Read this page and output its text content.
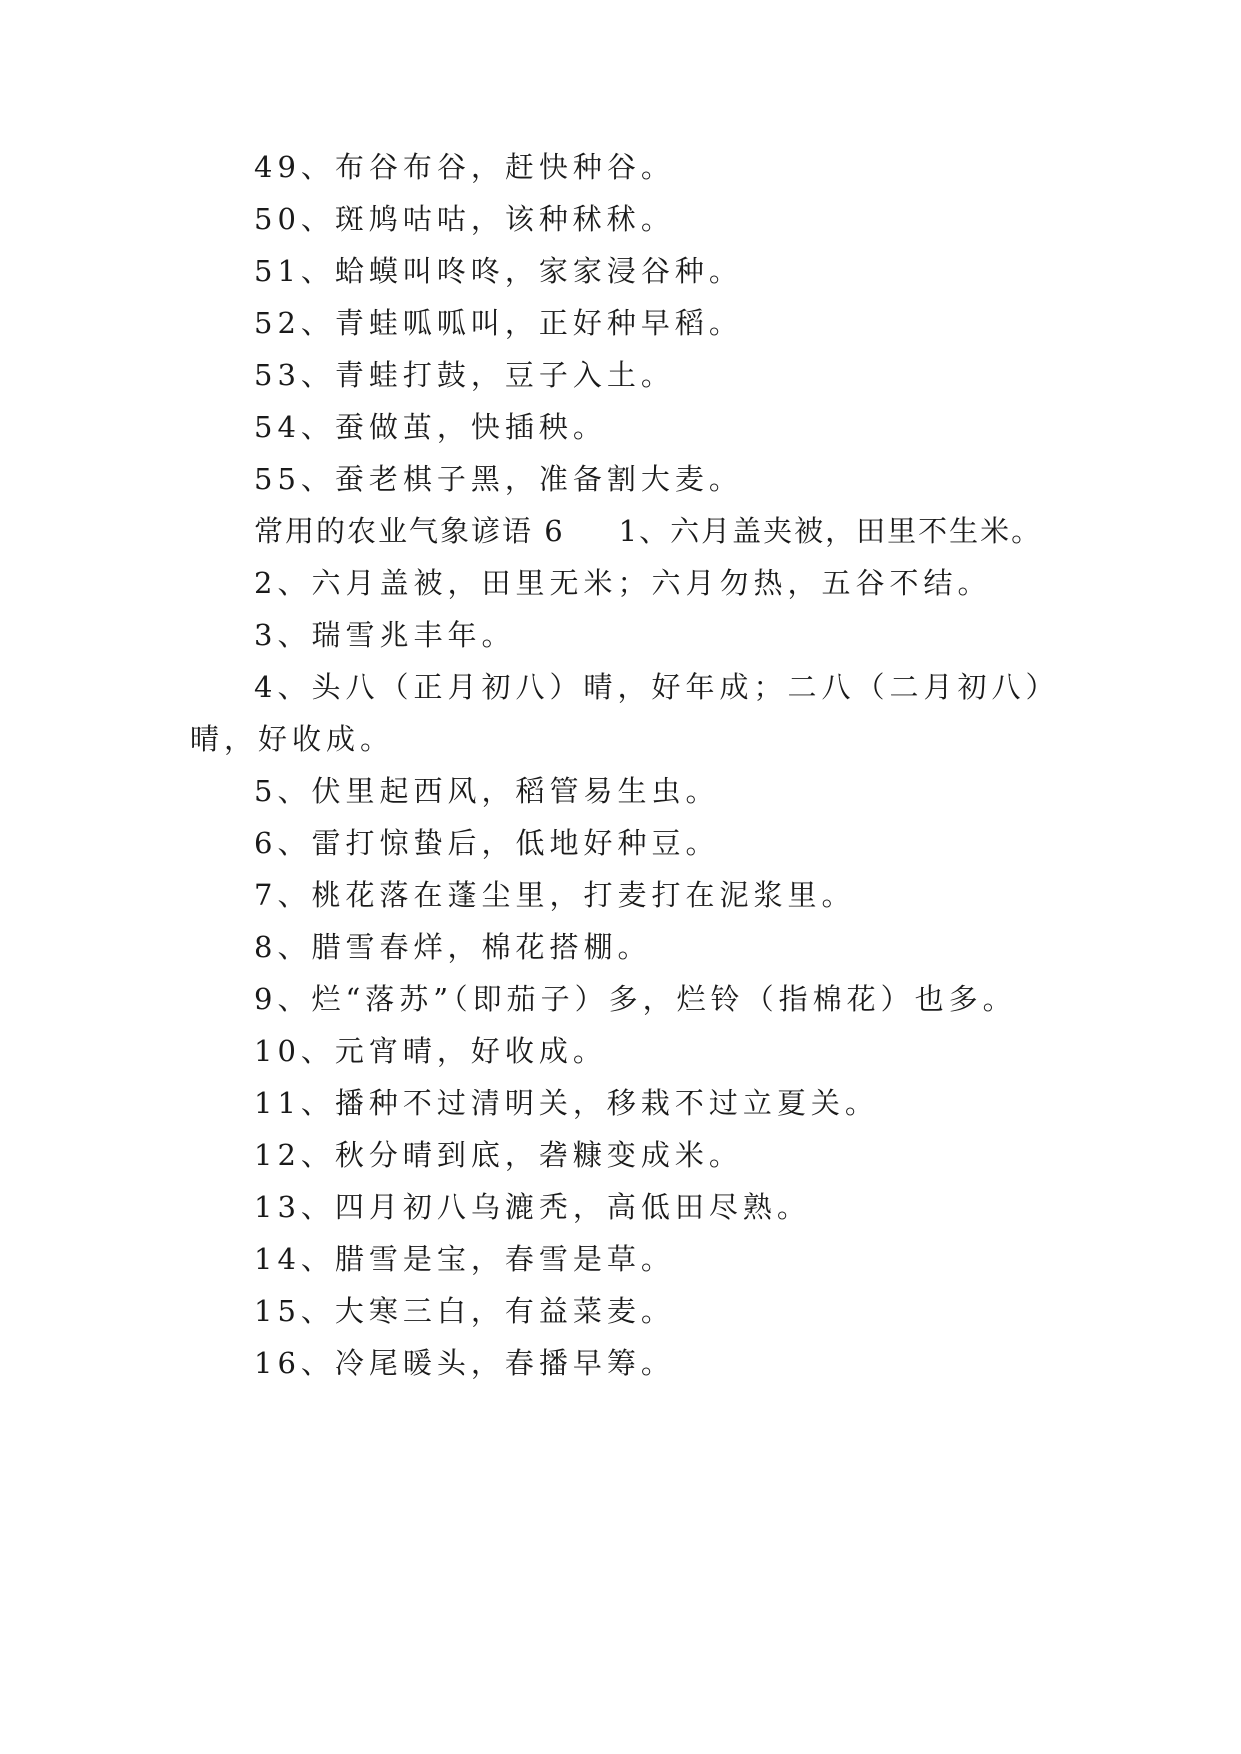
49、布谷布谷，赶快种谷。
50、斑鸠咕咕，该种秫秫。
51、蛤蟆叫咚咚，家家浸谷种。
52、青蛙呱呱叫，正好种早稻。
53、青蛙打鼓，豆子入土。
54、蚕做茧，快插秧。
55、蚕老棋子黑，准备割大麦。
常用的农业气象谚语 6 1、六月盖夹被，田里不生米。
2、六月盖被，田里无米；六月勿热，五谷不结。
3、瑞雪兆丰年。
4、头八（正月初八）晴，好年成；二八（二月初八）
晴，好收成。
5、伏里起西风，稻管易生虫。
6、雷打惊蛰后，低地好种豆。
7、桃花落在蓬尘里，打麦打在泥浆里。
8、腊雪春烊，棉花搭棚。
9、烂“落苏”（即茄子）多，烂铃（指棉花）也多。
10、元宵晴，好收成。
11、播种不过清明关，移栽不过立夏关。
12、秋分晴到底，砻糠变成米。
13、四月初八乌漉秃，高低田尽熟。
14、腊雪是宝，春雪是草。
15、大寒三白，有益菜麦。
16、冷尾暖头，春播早筹。
